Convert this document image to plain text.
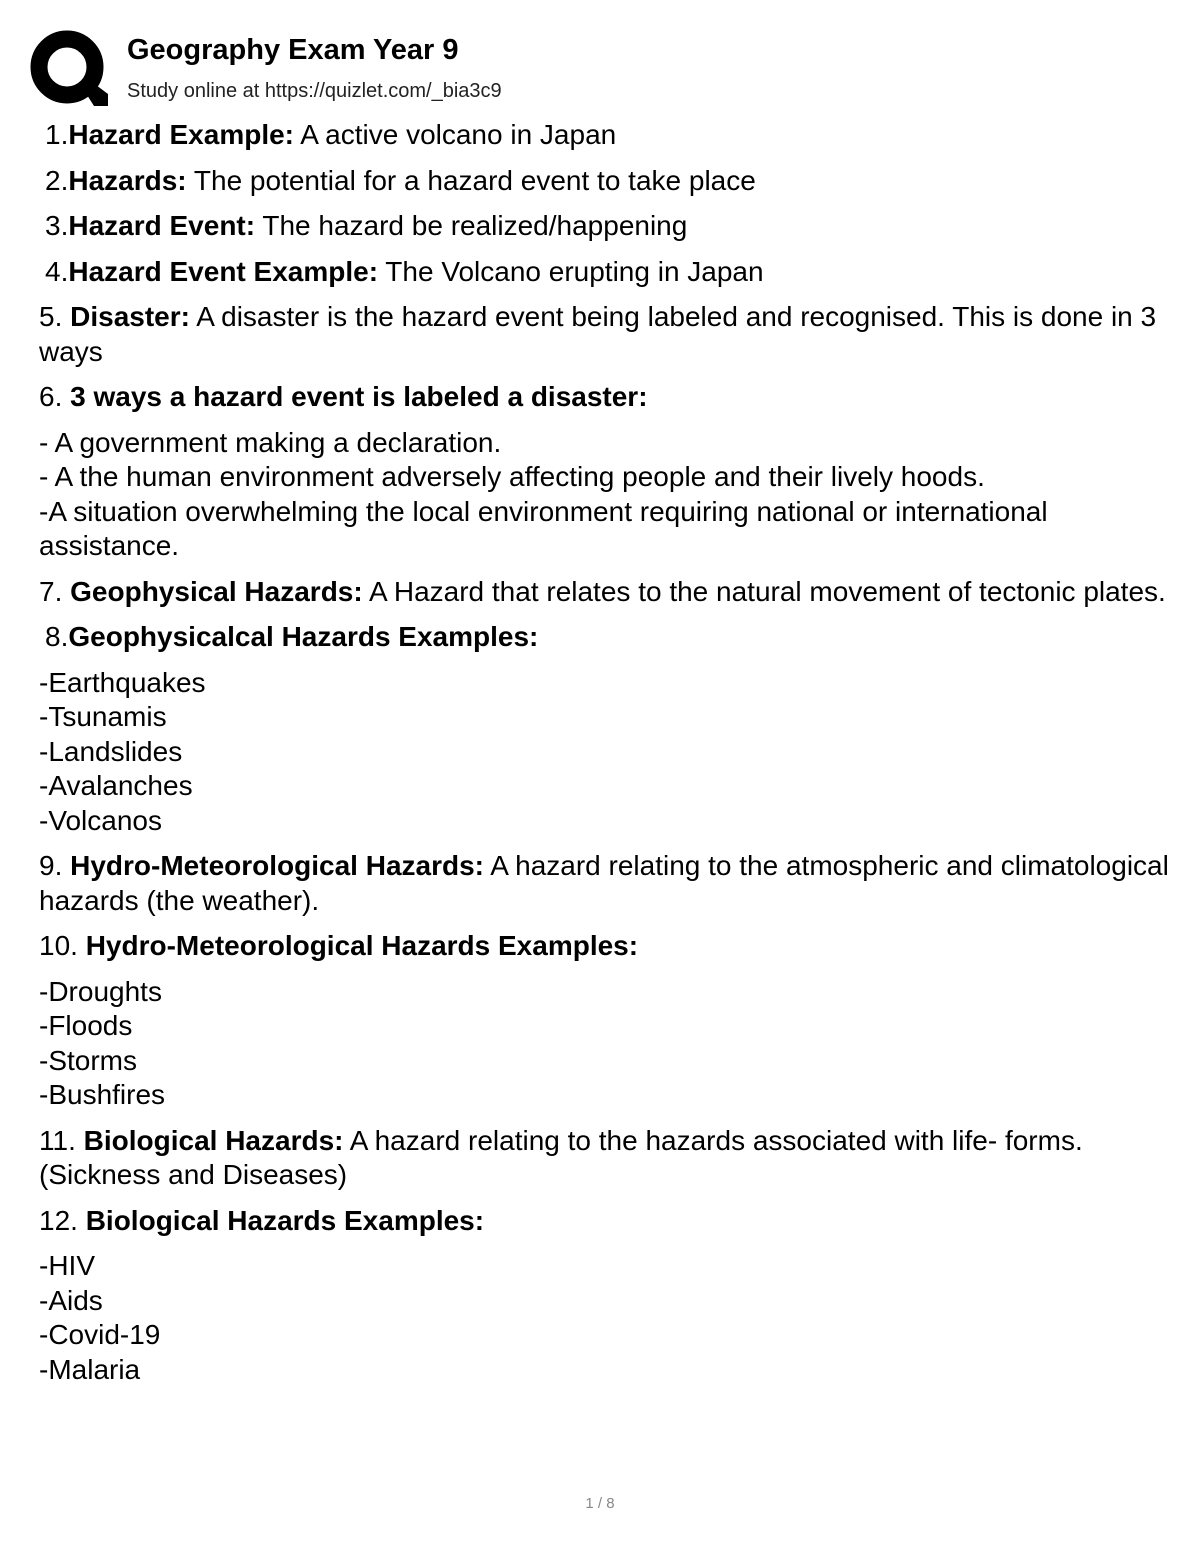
Geography Exam Year 9
Study online at https://quizlet.com/_bia3c9
1.Hazard Example: A active volcano in Japan
2.Hazards: The potential for a hazard event to take place
3.Hazard Event: The hazard be realized/happening
4.Hazard Event Example: The Volcano erupting in Japan
5. Disaster: A disaster is the hazard event being labeled and recognised. This is done in 3 ways
6. 3 ways a hazard event is labeled a disaster:
- A government making a declaration.
- A the human environment adversely affecting people and their lively hoods.
-A situation overwhelming the local environment requiring national or international assistance.
7. Geophysical Hazards: A Hazard that relates to the natural movement of tectonic plates.
8.Geophysicalcal Hazards Examples:
-Earthquakes
-Tsunamis
-Landslides
-Avalanches
-Volcanos
9. Hydro-Meteorological Hazards: A hazard relating to the atmospheric and climatological hazards (the weather).
10. Hydro-Meteorological Hazards Examples:
-Droughts
-Floods
-Storms
-Bushfires
11. Biological Hazards: A hazard relating to the hazards associated with life- forms. (Sickness and Diseases)
12. Biological Hazards Examples:
-HIV
-Aids
-Covid-19
-Malaria
1 / 8
